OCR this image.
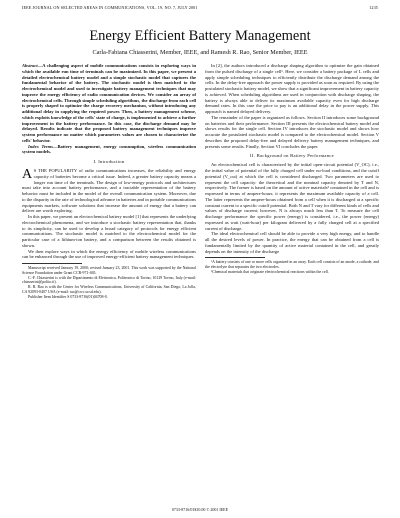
IEEE JOURNAL ON SELECTED AREAS IN COMMUNICATIONS, VOL. 19, NO. 7, JULY 2001	1235
Energy Efficient Battery Management
Carla-Fabiana Chiasserini, Member, IEEE, and Ramesh R. Rao, Senior Member, IEEE

Abstract—A challenging aspect of mobile communications consists in exploring ways in which the available run time of terminals can be maximized. In this paper, we present a detailed electrochemical battery model and a simple stochastic model that captures the fundamental behavior of the battery. The stochastic model is then matched to the electrochemical model and used to investigate battery management techniques that may improve the energy efficiency of radio communication devices. We consider an array of electrochemical cells. Through simple scheduling algorithms, the discharge from each cell is properly shaped to optimize the charge recovery mechanism, without introducing any additional delay in supplying the required power. Then, a battery management scheme, which exploits knowledge of the cells' state of charge, is implemented to achieve a further improvement in the battery performance. In this case, the discharge demand may be delayed. Results indicate that the proposed battery management techniques improve system performance no matter which parameters values are chosen to characterize the cells' behavior.

Index Terms—Battery management, energy consumption, wireless communication system models.

I. Introduction

A S THE POPULARITY of radio communications increases, the reliability and energy capacity of batteries become a critical issue. Indeed, a greater battery capacity means a longer run time of the terminals. The design of low-energy protocols and architectures must take into account battery performance, and a tractable representation of the battery behavior must be included in the model of the overall communication system. Moreover, due to the disparity in the rate of technological advance in batteries and in portable communications equipments markets, software solutions that increase the amount of energy that a battery can deliver are worth exploring.

In this paper, we present an electrochemical battery model [1] that represents the underlying electrochemical phenomena, and we introduce a stochastic battery representation that, thanks to its simplicity, can be used to develop a broad category of protocols for energy efficient communications. The stochastic model is matched to the electrochemical model for the particular case of a lithium-ion battery, and a comparison between the results obtained is shown.

We then explore ways in which the energy efficiency of mobile wireless communications can be enhanced through the use of improved energy-efficient battery management techniques.

Manuscript received January 19, 2000; revised January 23, 2001. This work was supported by the National Science Foundation under Grant CCR-971-465.

C.-F. Chiasserini is with the Dipartimento di Elettronica, Politecnico di Torino, 10129 Torino, Italy (e-mail: chiasserini@polito.it).

R. R. Rao is with the Center for Wireless Communications, University of California, San Diego, La Jolla, CA 92093-0407 USA (e-mail: rao@cwc.ucsd.edu).

Publisher Item Identifier S 0733-8716(01)04708-0.

In [2], the authors introduced a discharge shaping algorithm to optimize the gain obtained from the pulsed discharge of a single cell¹. Here, we consider a battery package of L cells and apply simple scheduling techniques to efficiently distribute the discharge demand among the cells. In the delay-free approach the power supply is provided as soon as required. By using the postulated stochastic battery model, we show that a significant improvement in battery capacity is achieved. When scheduling algorithms are used in conjunction with discharge shaping, the battery is always able to deliver its maximum available capacity even for high discharge demand rates. In this case the price to pay is an additional delay in the power supply. This approach is named delayed delivery.

The remainder of the paper is organized as follows. Section II introduces some background on batteries and their performance. Section III presents the electrochemical battery model and shows results for the single cell. Section IV introduces the stochastic model and shows how accurate the postulated stochastic model is compared to the electrochemical model. Section V describes the proposed delay-free and delayed delivery battery management techniques, and presents some results. Finally, Section VI concludes the paper.

II. Background on Battery Performance

An electrochemical cell is characterized by the initial open-circuit potential (V_OC), i.e., the initial value of potential of the fully charged cell under no-load conditions, and the cutoff potential (V_cut) at which the cell is considered discharged. Two parameters are used to represent the cell capacity: the theoretical and the nominal capacity denoted by T and N, respectively. The former is based on the amount of active materials² contained in the cell and is expressed in terms of ampere-hours; it represents the maximum available capacity of a cell. The latter represents the ampere-hours obtained from a cell when it is discharged at a specific constant current to a specific cutoff potential. Both N and T vary for different kinds of cells and values of discharge current; however, N is always much less than T. To measure the cell discharge performance the specific power (energy) is considered, i.e., the power (energy) expressed as watt (watt-hour) per kilogram delivered by a fully charged cell at a specified current of discharge.

The ideal electrochemical cell should be able to provide a very high energy, and to handle all the desired levels of power. In practice, the energy that can be obtained from a cell is fundamentally limited by the quantity of active material contained in the cell, and greatly depends on the intensity of the discharge

¹A battery consists of one or more cells organized in an array. Each cell consists of an anode, a cathode, and the electrolyte that separates the two electrodes.

²Chemical materials that originate electrochemical reactions within the cell.

0733-8716/01$10.00 © 2001 IEEE
